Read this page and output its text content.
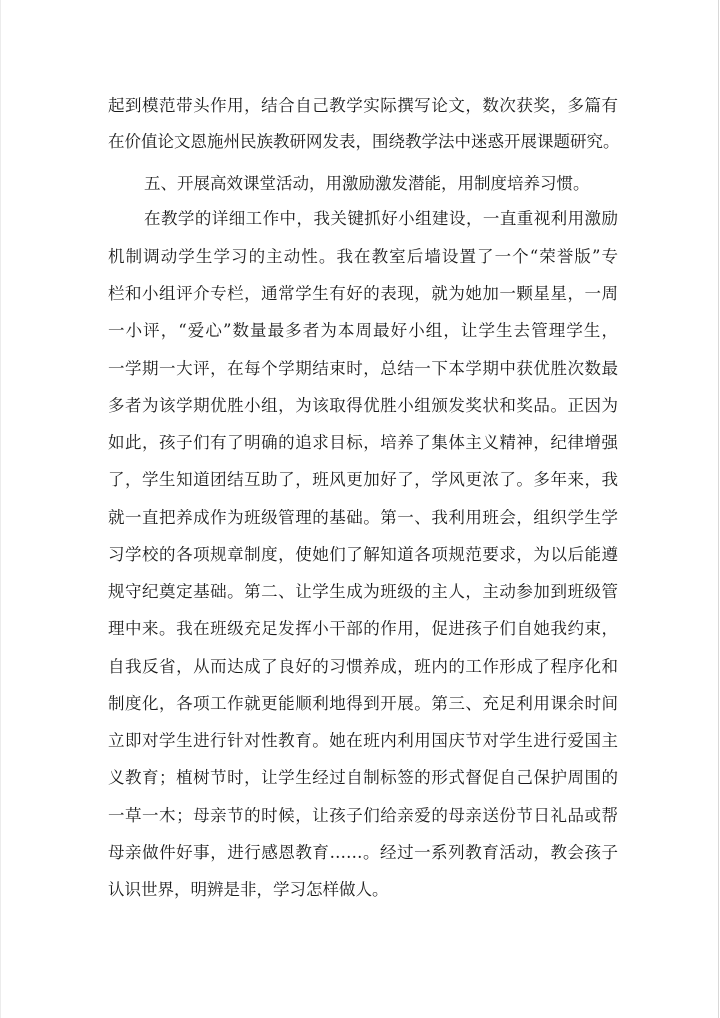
起到模范带头作用，结合自己教学实际撰写论文，数次获奖，多篇有

在价值论文恩施州民族教研网发表，围绕教学法中迷惑开展课题研究。

五、开展高效课堂活动，用激励激发潜能，用制度培养习惯。

在教学的详细工作中，我关键抓好小组建设，一直重视利用激励

机制调动学生学习的主动性。我在教室后墙设置了一个“荣誉版”专

栏和小组评介专栏，通常学生有好的表现，就为她加一颗星星，一周

一小评，“爱心”数量最多者为本周最好小组，让学生去管理学生，

一学期一大评，在每个学期结束时，总结一下本学期中获优胜次数最

多者为该学期优胜小组，为该取得优胜小组颁发奖状和奖品。正因为

如此，孩子们有了明确的追求目标，培养了集体主义精神，纪律增强

了，学生知道团结互助了，班风更加好了，学风更浓了。多年来，我

就一直把养成作为班级管理的基础。第一、我利用班会，组织学生学

习学校的各项规章制度，使她们了解知道各项规范要求，为以后能遵

规守纪奠定基础。第二、让学生成为班级的主人，主动参加到班级管

理中来。我在班级充足发挥小干部的作用，促进孩子们自她我约束，

自我反省，从而达成了良好的习惯养成，班内的工作形成了程序化和

制度化，各项工作就更能顺利地得到开展。第三、充足利用课余时间

立即对学生进行针对性教育。她在班内利用国庆节对学生进行爱国主

义教育；植树节时，让学生经过自制标签的形式督促自己保护周围的

一草一木；母亲节的时候，让孩子们给亲爱的母亲送份节日礼品或帮

母亲做件好事，进行感恩教育……。经过一系列教育活动，教会孩子

认识世界，明辨是非，学习怎样做人。
